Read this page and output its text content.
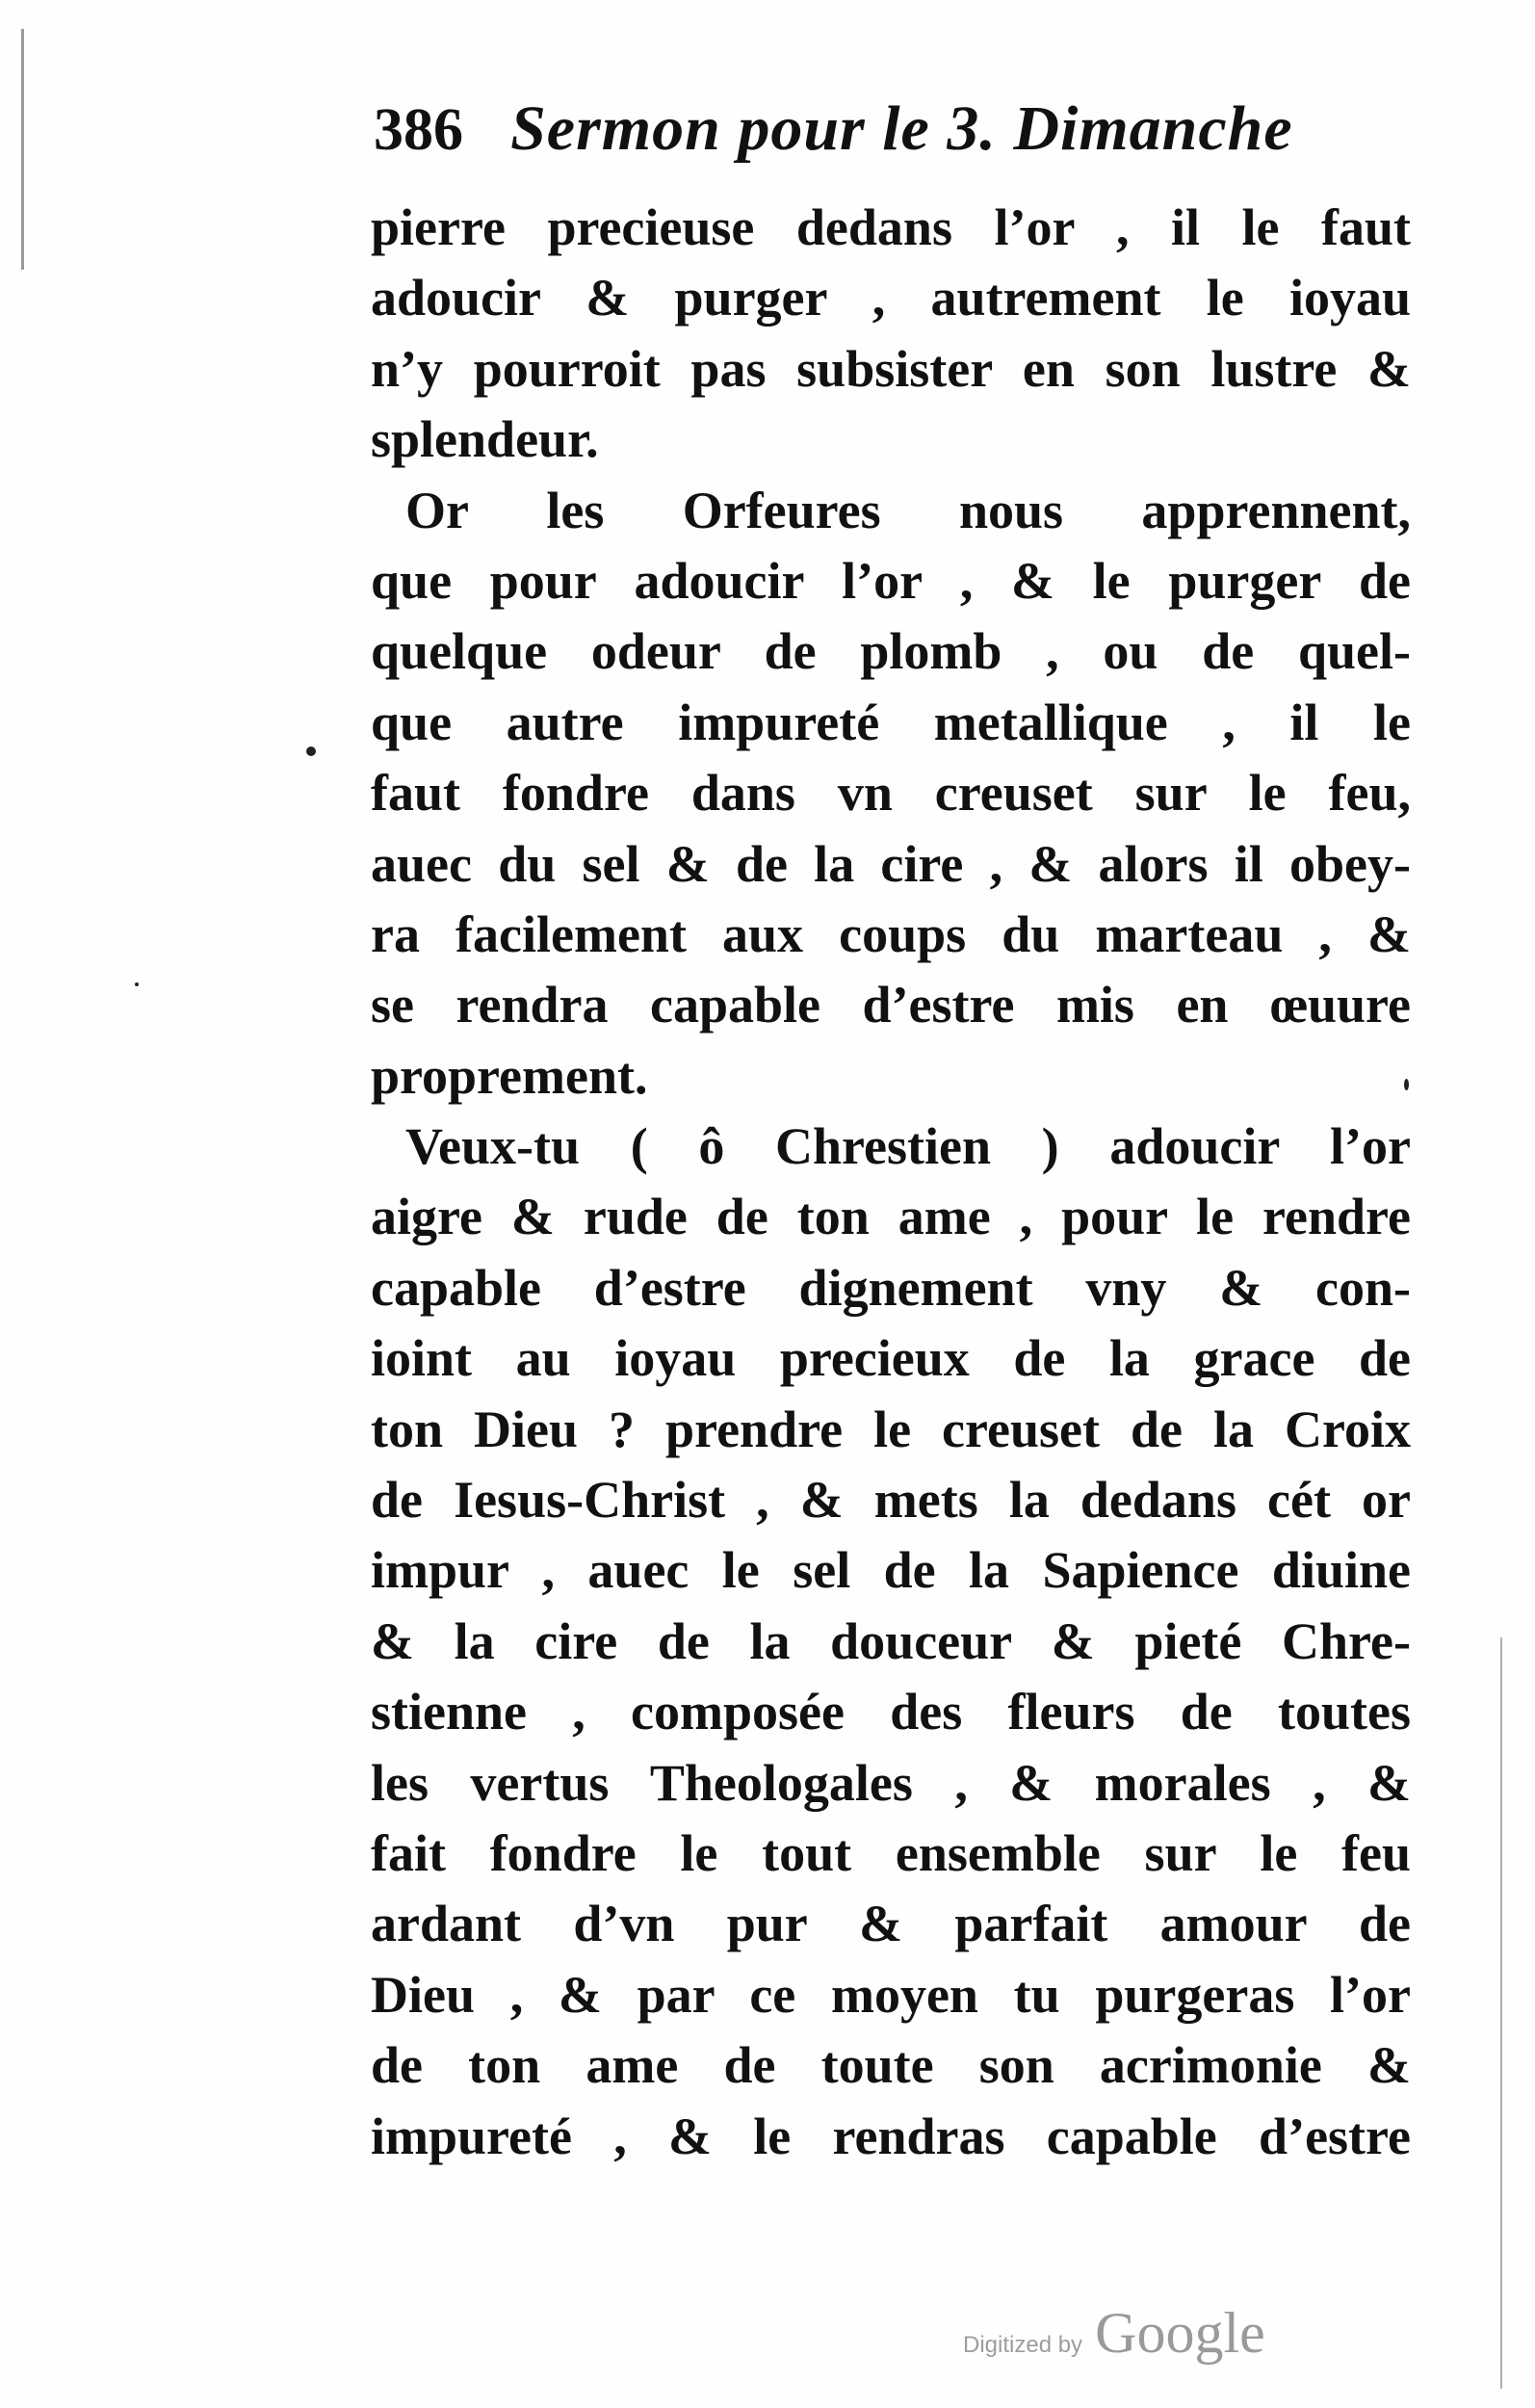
386 Sermon pour le 3. Dimanche
pierre precieuse dedans l’or , il le faut
adoucir & purger , autrement le ioyau
n’y pourroit pas subsister en son lustre &
splendeur.
Or les Orfeures nous apprennent,
que pour adoucir l’or , & le purger de
quelque odeur de plomb , ou de quel-
que autre impureté metallique , il le
faut fondre dans vn creuset sur le feu,
auec du sel & de la cire , & alors il obey-
ra facilement aux coups du marteau , &
se rendra capable d’estre mis en œuure
proprement.
Veux-tu ( ô Chrestien ) adoucir l’or
aigre & rude de ton ame , pour le rendre
capable d’estre dignement vny & con-
ioint au ioyau precieux de la grace de
ton Dieu ? prendre le creuset de la Croix
de Iesus-Christ , & mets la dedans cét or
impur , auec le sel de la Sapience diuine
& la cire de la douceur & pieté Chre-
stienne , composée des fleurs de toutes
les vertus Theologales , & morales , &
fait fondre le tout ensemble sur le feu
ardant d’vn pur & parfait amour de
Dieu , & par ce moyen tu purgeras l’or
de ton ame de toute son acrimonie &
impureté , & le rendras capable d’estre
Digitized by Google
